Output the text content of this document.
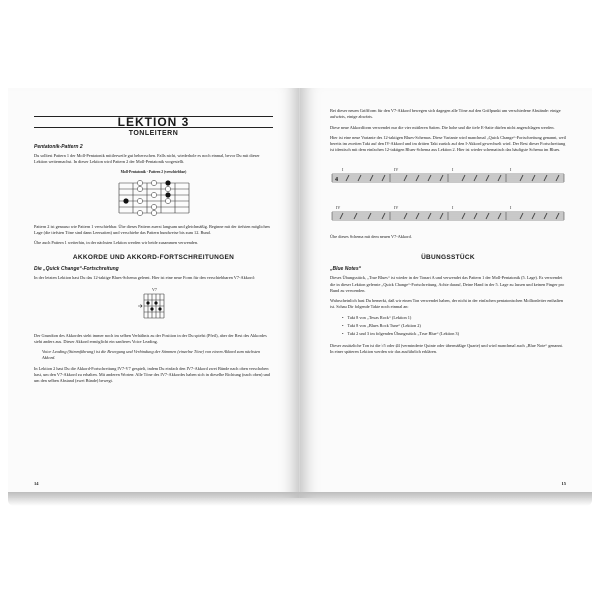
LEKTION 3
TONLEITERN
Pentatonik-Pattern 2

Du solltest Pattern 1 der Moll-Pentatonik mittlerweile gut beherrschen. Falls nicht, wiederhole es noch einmal, bevor Du mit dieser Lektion weitermachst. In dieser Lektion wird Pattern 2 der Moll-Pentatonik vorgestellt.

Moll-Pentatonik - Pattern 2 (verschiebbar)

Pattern 2 ist genauso wie Pattern 1 verschiebbar. Übe dieses Pattern zuerst langsam und gleichmäßig. Beginne mit der tiefsten möglichen Lage (die tiefsten Töne sind dann Leersaiten) und verschiebe das Pattern bundweise bis zum 12. Bund.

Übe auch Pattern 1 weiterhin, in der nächsten Lektion werden wir beide zusammen verwenden.

AKKORDE UND AKKORD-FORTSCHREITUNGEN
Die „Quick Change“-Fortschreitung

In der letzten Lektion hast Du das 12-taktige Blues-Schema gelernt. Hier ist eine neue Form für den verschiebbaren V7-Akkord:

V7

Der Grundton des Akkordes steht immer noch im selben Verhältnis zu der Position in der Du spielst (Pfeil), aber der Rest des Akkordes sieht anders aus. Dieser Akkord ermöglicht ein sanfteres Voice Leading.

Voice Leading (Stimmführung) ist die Bewegung und Verbindung der Stimmen (einzelne Töne) von einem Akkord zum nächsten Akkord.

In Lektion 2 hast Du die Akkord-Fortschreitung IV7-V7 gespielt, indem Du einfach den IV7-Akkord zwei Bünde nach oben verschoben hast, um den V7-Akkord zu erhalten. Mit anderen Worten: Alle Töne des IV7-Akkordes haben sich in dieselbe Richtung (nach oben) und um den selben Abstand (zwei Bünde) bewegt.

14

Bei dieser neuen Griffform für den V7-Akkord bewegen sich dagegen alle Töne auf den Griffpunkt um verschiedene Abstände: einige aufwärts, einige abwärts.

Diese neue Akkordform verwendet nur die vier mittleren Saiten. Die hohe und die tiefe E-Saite dürfen nicht angeschlagen werden.

Hier ist eine neue Variante des 12-taktigen Blues-Schemas. Diese Variante wird manchmal „Quick Change“-Fortschreitung genannt, weil bereits im zweiten Takt auf den IV-Akkord und im dritten Takt zurück auf den I-Akkord gewechselt wird. Der Rest dieser Fortschreitung ist identisch mit dem einfachen 12-taktigen Blues-Schema aus Lektion 2. Hier ist wieder schematisch das häufigste Schema im Blues.

4
I	IV	I	I

IV	IV	I	I

Übe dieses Schema mit dem neuen V7-Akkord.

ÜBUNGSSTÜCK
„Blue Notes“

Dieses Übungsstück, „True Blues“ ist wieder in der Tonart A und verwendet das Pattern 1 der Moll-Pentatonik (5. Lage). Es verwendet die in dieser Lektion gelernte „Quick Change“-Fortschreitung. Achte darauf, Deine Hand in der 5. Lage zu lassen und keinen Finger pro Bund zu verwenden.

Wahrscheinlich hast Du bemerkt, daß wir einen Ton verwendet haben, der nicht in der einfachen pentatonischen Molltonleiter enthalten ist. Schau Dir folgende Takte noch einmal an:

• Takt 8 von „Texas Rock“ (Lektion 1)
• Takt 8 von „Blues Rock Tune“ (Lektion 2)
• Takt 2 und 3 im folgenden Übungsstück „True Blue“ (Lektion 3)

Dieser zusätzliche Ton ist die ♭5 oder ♯4 (verminderte Quinte oder übermäßige Quarte) und wird manchmal auch „Blue Note“ genannt. In einer späteren Lektion werden wir das ausführlich erklären.

15
